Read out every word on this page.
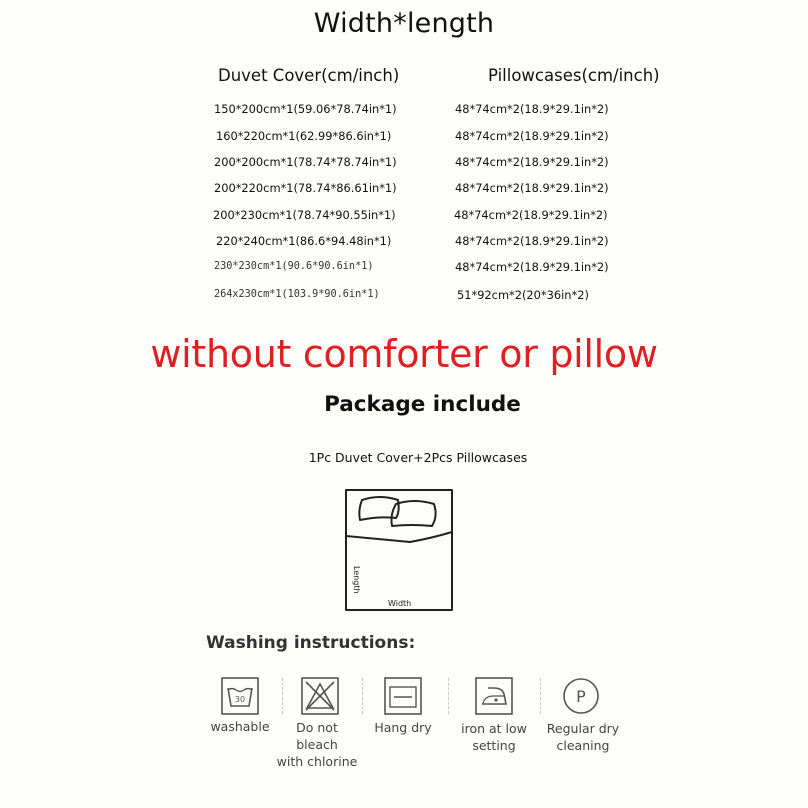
Width*length
Duvet Cover(cm/inch)	Pillowcases(cm/inch)
150*200cm*1(59.06*78.74in*1)	48*74cm*2(18.9*29.1in*2)
160*220cm*1(62.99*86.6in*1)	48*74cm*2(18.9*29.1in*2)
200*200cm*1(78.74*78.74in*1)	48*74cm*2(18.9*29.1in*2)
200*220cm*1(78.74*86.61in*1)	48*74cm*2(18.9*29.1in*2)
200*230cm*1(78.74*90.55in*1)	48*74cm*2(18.9*29.1in*2)
220*240cm*1(86.6*94.48in*1)	48*74cm*2(18.9*29.1in*2)
230*230cm*1(90.6*90.6in*1)	48*74cm*2(18.9*29.1in*2)
264x230cm*1(103.9*90.6in*1)	51*92cm*2(20*36in*2)
without comforter or pillow
Package include
1Pc Duvet Cover+2Pcs Pillowcases
Length
Width
Washing instructions:
30	P
washable	Do not
bleach
with chlorine
Hang dry	iron at low
setting
Regular dry
cleaning
